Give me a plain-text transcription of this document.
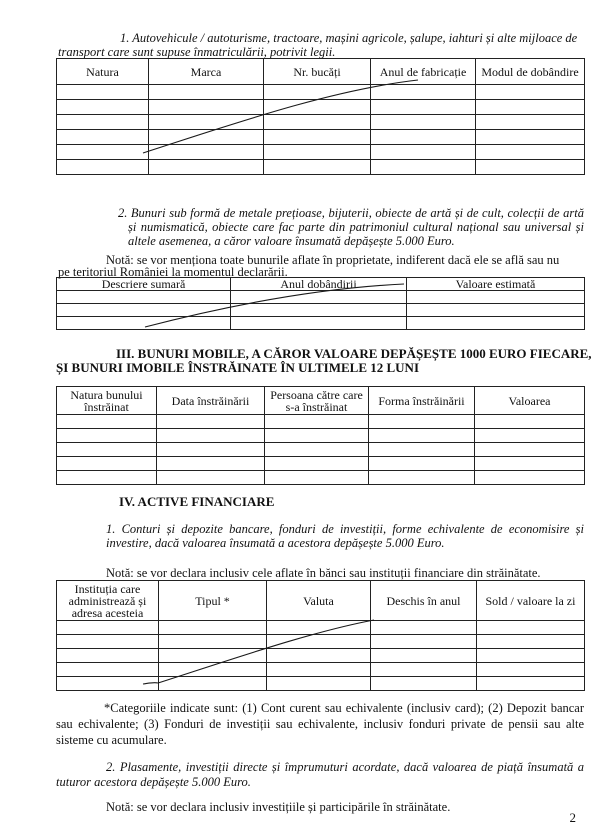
1. Autovehicule / autoturisme, tractoare, mașini agricole, șalupe, iahturi și alte mijloace de
transport care sunt supuse înmatriculării, potrivit legii.
Natura	Marca	Nr. bucăți	Anul de fabricație	Modul de dobândire

2. Bunuri sub formă de metale prețioase, bijuterii, obiecte de artă și de cult, colecții de artă și numismatică, obiecte care fac parte din patrimoniul cultural național sau universal și altele asemenea, a căror valoare însumată depășește 5.000 Euro.
Notă: se vor menționa toate bunurile aflate în proprietate, indiferent dacă ele se află sau nu
pe teritoriul României la momentul declarării.
Descriere sumară	Anul dobândirii	Valoare estimată

III. BUNURI MOBILE, A CĂROR VALOARE DEPĂȘEȘTE 1000 EURO FIECARE,
ȘI BUNURI IMOBILE ÎNSTRĂINATE ÎN ULTIMELE 12 LUNI
Natura bunului înstrăinat	Data înstrăinării	Persoana către care s-a înstrăinat	Forma înstrăinării	Valoarea

IV. ACTIVE FINANCIARE
1. Conturi și depozite bancare, fonduri de investiții, forme echivalente de economisire și investire, dacă valoarea însumată a acestora depășește 5.000 Euro.
Notă: se vor declara inclusiv cele aflate în bănci sau instituții financiare din străinătate.
Instituția care administrează și adresa acesteia	Tipul *	Valuta	Deschis în anul	Sold / valoare la zi

*Categoriile indicate sunt: (1) Cont curent sau echivalente (inclusiv card); (2) Depozit bancar sau echivalente; (3) Fonduri de investiții sau echivalente, inclusiv fonduri private de pensii sau alte sisteme cu acumulare.
2. Plasamente, investiții directe și împrumuturi acordate, dacă valoarea de piață însumată a tuturor acestora depășește 5.000 Euro.
Notă: se vor declara inclusiv investițiile și participările în străinătate.
2
